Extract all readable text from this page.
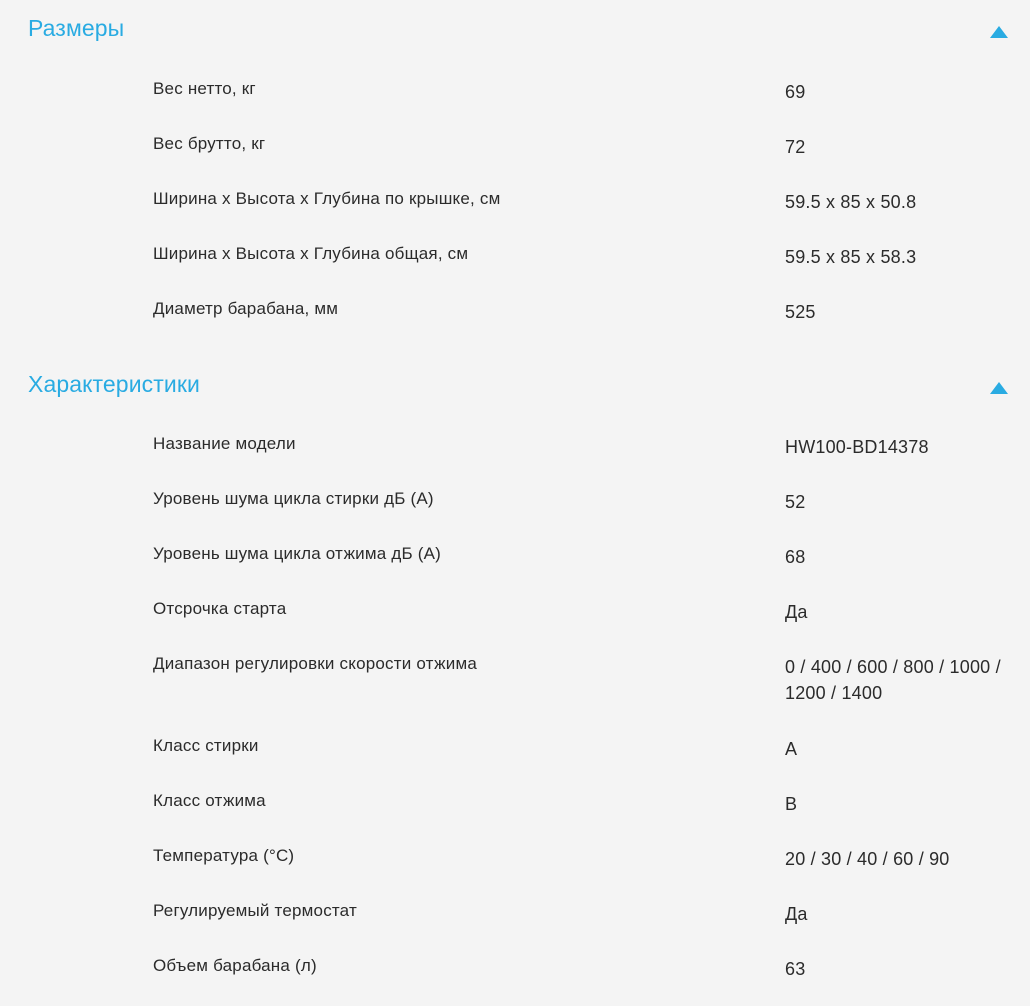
Размеры
Вес нетто, кг	69
Вес брутто, кг	72
Ширина х Высота х Глубина по крышке, см	59.5 x 85 x 50.8
Ширина х Высота х Глубина общая, см	59.5 x 85 x 58.3
Диаметр барабана, мм	525
Характеристики
Название модели	HW100-BD14378
Уровень шума цикла стирки дБ (А)	52
Уровень шума цикла отжима дБ (А)	68
Отсрочка старта	Да
Диапазон регулировки скорости отжима	0 / 400 / 600 / 800 / 1000 / 1200 / 1400
Класс стирки	A
Класс отжима	B
Температура (°C)	20 / 30 / 40 / 60 / 90
Регулируемый термостат	Да
Объем барабана (л)	63
